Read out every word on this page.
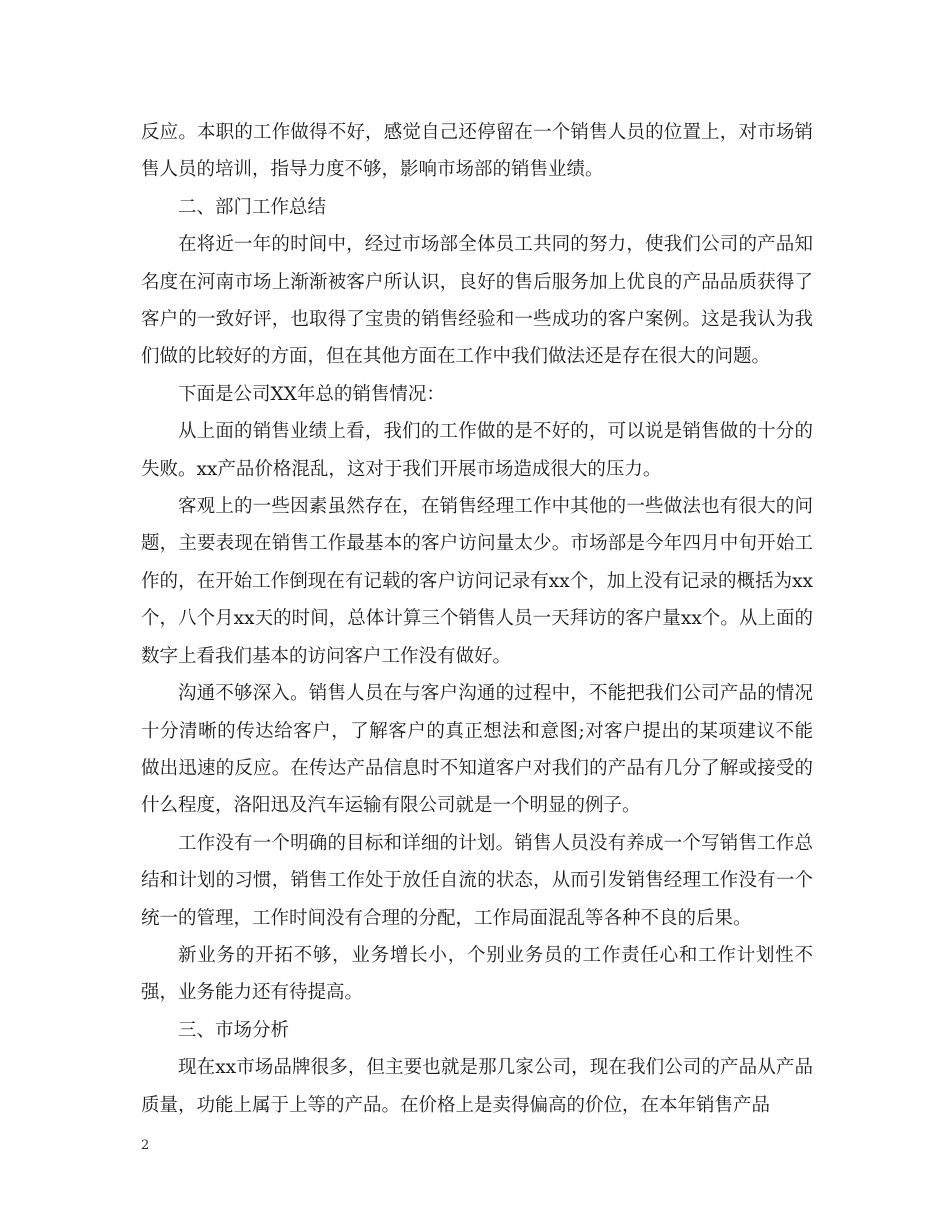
反应。本职的工作做得不好，感觉自己还停留在一个销售人员的位置上，对市场销售人员的培训，指导力度不够，影响市场部的销售业绩。

二、部门工作总结

在将近一年的时间中，经过市场部全体员工共同的努力，使我们公司的产品知名度在河南市场上渐渐被客户所认识，良好的售后服务加上优良的产品品质获得了客户的一致好评，也取得了宝贵的销售经验和一些成功的客户案例。这是我认为我们做的比较好的方面，但在其他方面在工作中我们做法还是存在很大的问题。

下面是公司XX年总的销售情况：

从上面的销售业绩上看，我们的工作做的是不好的，可以说是销售做的十分的失败。xx产品价格混乱，这对于我们开展市场造成很大的压力。

客观上的一些因素虽然存在，在销售经理工作中其他的一些做法也有很大的问题，主要表现在销售工作最基本的客户访问量太少。市场部是今年四月中旬开始工作的，在开始工作倒现在有记载的客户访问记录有xx个，加上没有记录的概括为xx个，八个月xx天的时间，总体计算三个销售人员一天拜访的客户量xx个。从上面的数字上看我们基本的访问客户工作没有做好。

沟通不够深入。销售人员在与客户沟通的过程中，不能把我们公司产品的情况十分清晰的传达给客户，了解客户的真正想法和意图;对客户提出的某项建议不能做出迅速的反应。在传达产品信息时不知道客户对我们的产品有几分了解或接受的什么程度，洛阳迅及汽车运输有限公司就是一个明显的例子。

工作没有一个明确的目标和详细的计划。销售人员没有养成一个写销售工作总结和计划的习惯，销售工作处于放任自流的状态，从而引发销售经理工作没有一个统一的管理，工作时间没有合理的分配，工作局面混乱等各种不良的后果。

新业务的开拓不够，业务增长小，个别业务员的工作责任心和工作计划性不强，业务能力还有待提高。

三、市场分析

现在xx市场品牌很多，但主要也就是那几家公司，现在我们公司的产品从产品质量，功能上属于上等的产品。在价格上是卖得偏高的价位，在本年销售产品

2
